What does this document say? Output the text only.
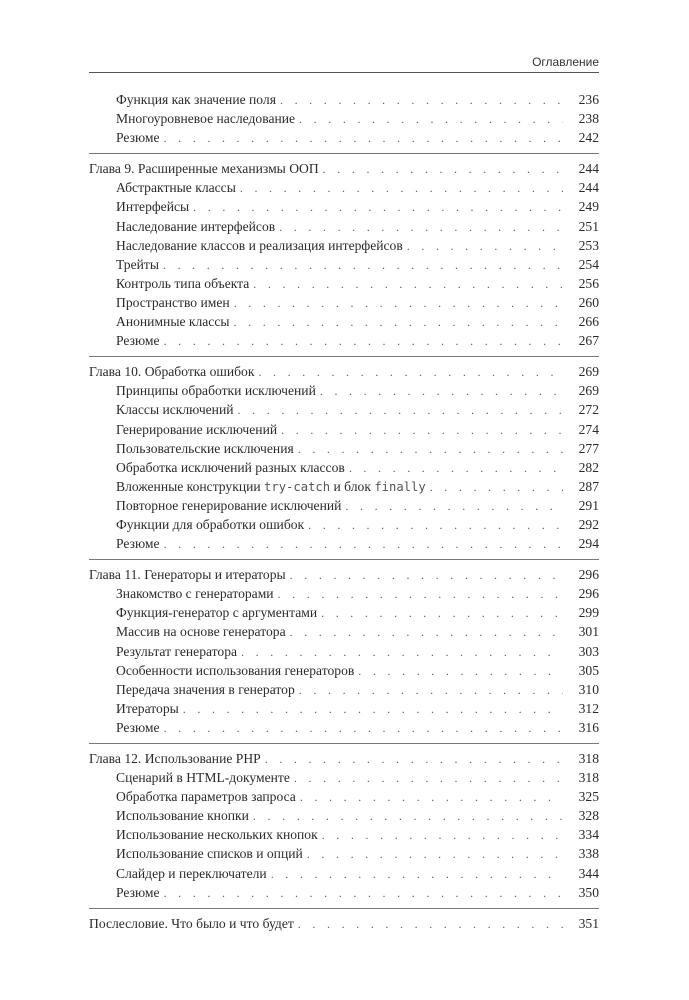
Оглавление
Функция как значение поля . . .	236
Многоуровневое наследование . . .	238
Резюме . . .	242
Глава 9. Расширенные механизмы ООП . . .	244
Абстрактные классы . . .	244
Интерфейсы . . .	249
Наследование интерфейсов . . .	251
Наследование классов и реализация интерфейсов . . .	253
Трейты . . .	254
Контроль типа объекта . . .	256
Пространство имен . . .	260
Анонимные классы . . .	266
Резюме . . .	267
Глава 10. Обработка ошибок . . .	269
Принципы обработки исключений . . .	269
Классы исключений . . .	272
Генерирование исключений . . .	274
Пользовательские исключения . . .	277
Обработка исключений разных классов . . .	282
Вложенные конструкции try-catch и блок finally . . .	287
Повторное генерирование исключений . . .	291
Функции для обработки ошибок . . .	292
Резюме . . .	294
Глава 11. Генераторы и итераторы . . .	296
Знакомство с генераторами . . .	296
Функция-генератор с аргументами . . .	299
Массив на основе генератора . . .	301
Результат генератора . . .	303
Особенности использования генераторов . . .	305
Передача значения в генератор . . .	310
Итераторы . . .	312
Резюме . . .	316
Глава 12. Использование PHP . . .	318
Сценарий в HTML-документе . . .	318
Обработка параметров запроса . . .	325
Использование кнопки . . .	328
Использование нескольких кнопок . . .	334
Использование списков и опций . . .	338
Слайдер и переключатели . . .	344
Резюме . . .	350
Послесловие. Что было и что будет . . .	351
